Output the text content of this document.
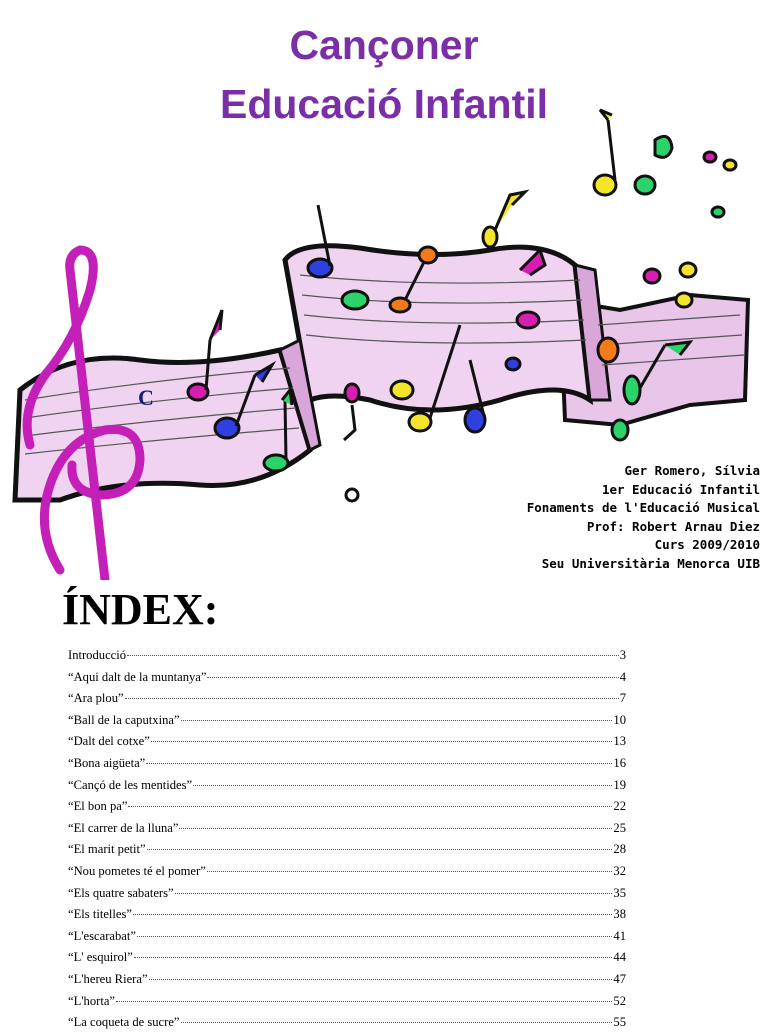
Cançoner
Educació Infantil
C
Ger Romero, Sílvia
1er Educació Infantil
Fonaments de l'Educació Musical
Prof: Robert Arnau Diez
Curs 2009/2010
Seu Universitària Menorca UIB
ÍNDEX:
Introducció	3
“Aqui dalt de la muntanya”	4
“Ara plou”	7
“Ball de la caputxina”	10
“Dalt del cotxe”	13
“Bona aigüeta”	16
“Cançó de les mentides”	19
“El bon pa”	22
“El carrer de la lluna”	25
“El marit petit”	28
“Nou pometes té el pomer”	32
“Els quatre sabaters”	35
“Els titelles”	38
“L'escarabat”	41
“L' esquirol”	44
“L'hereu Riera”	47
“L'horta”	52
“La coqueta de sucre”	55
